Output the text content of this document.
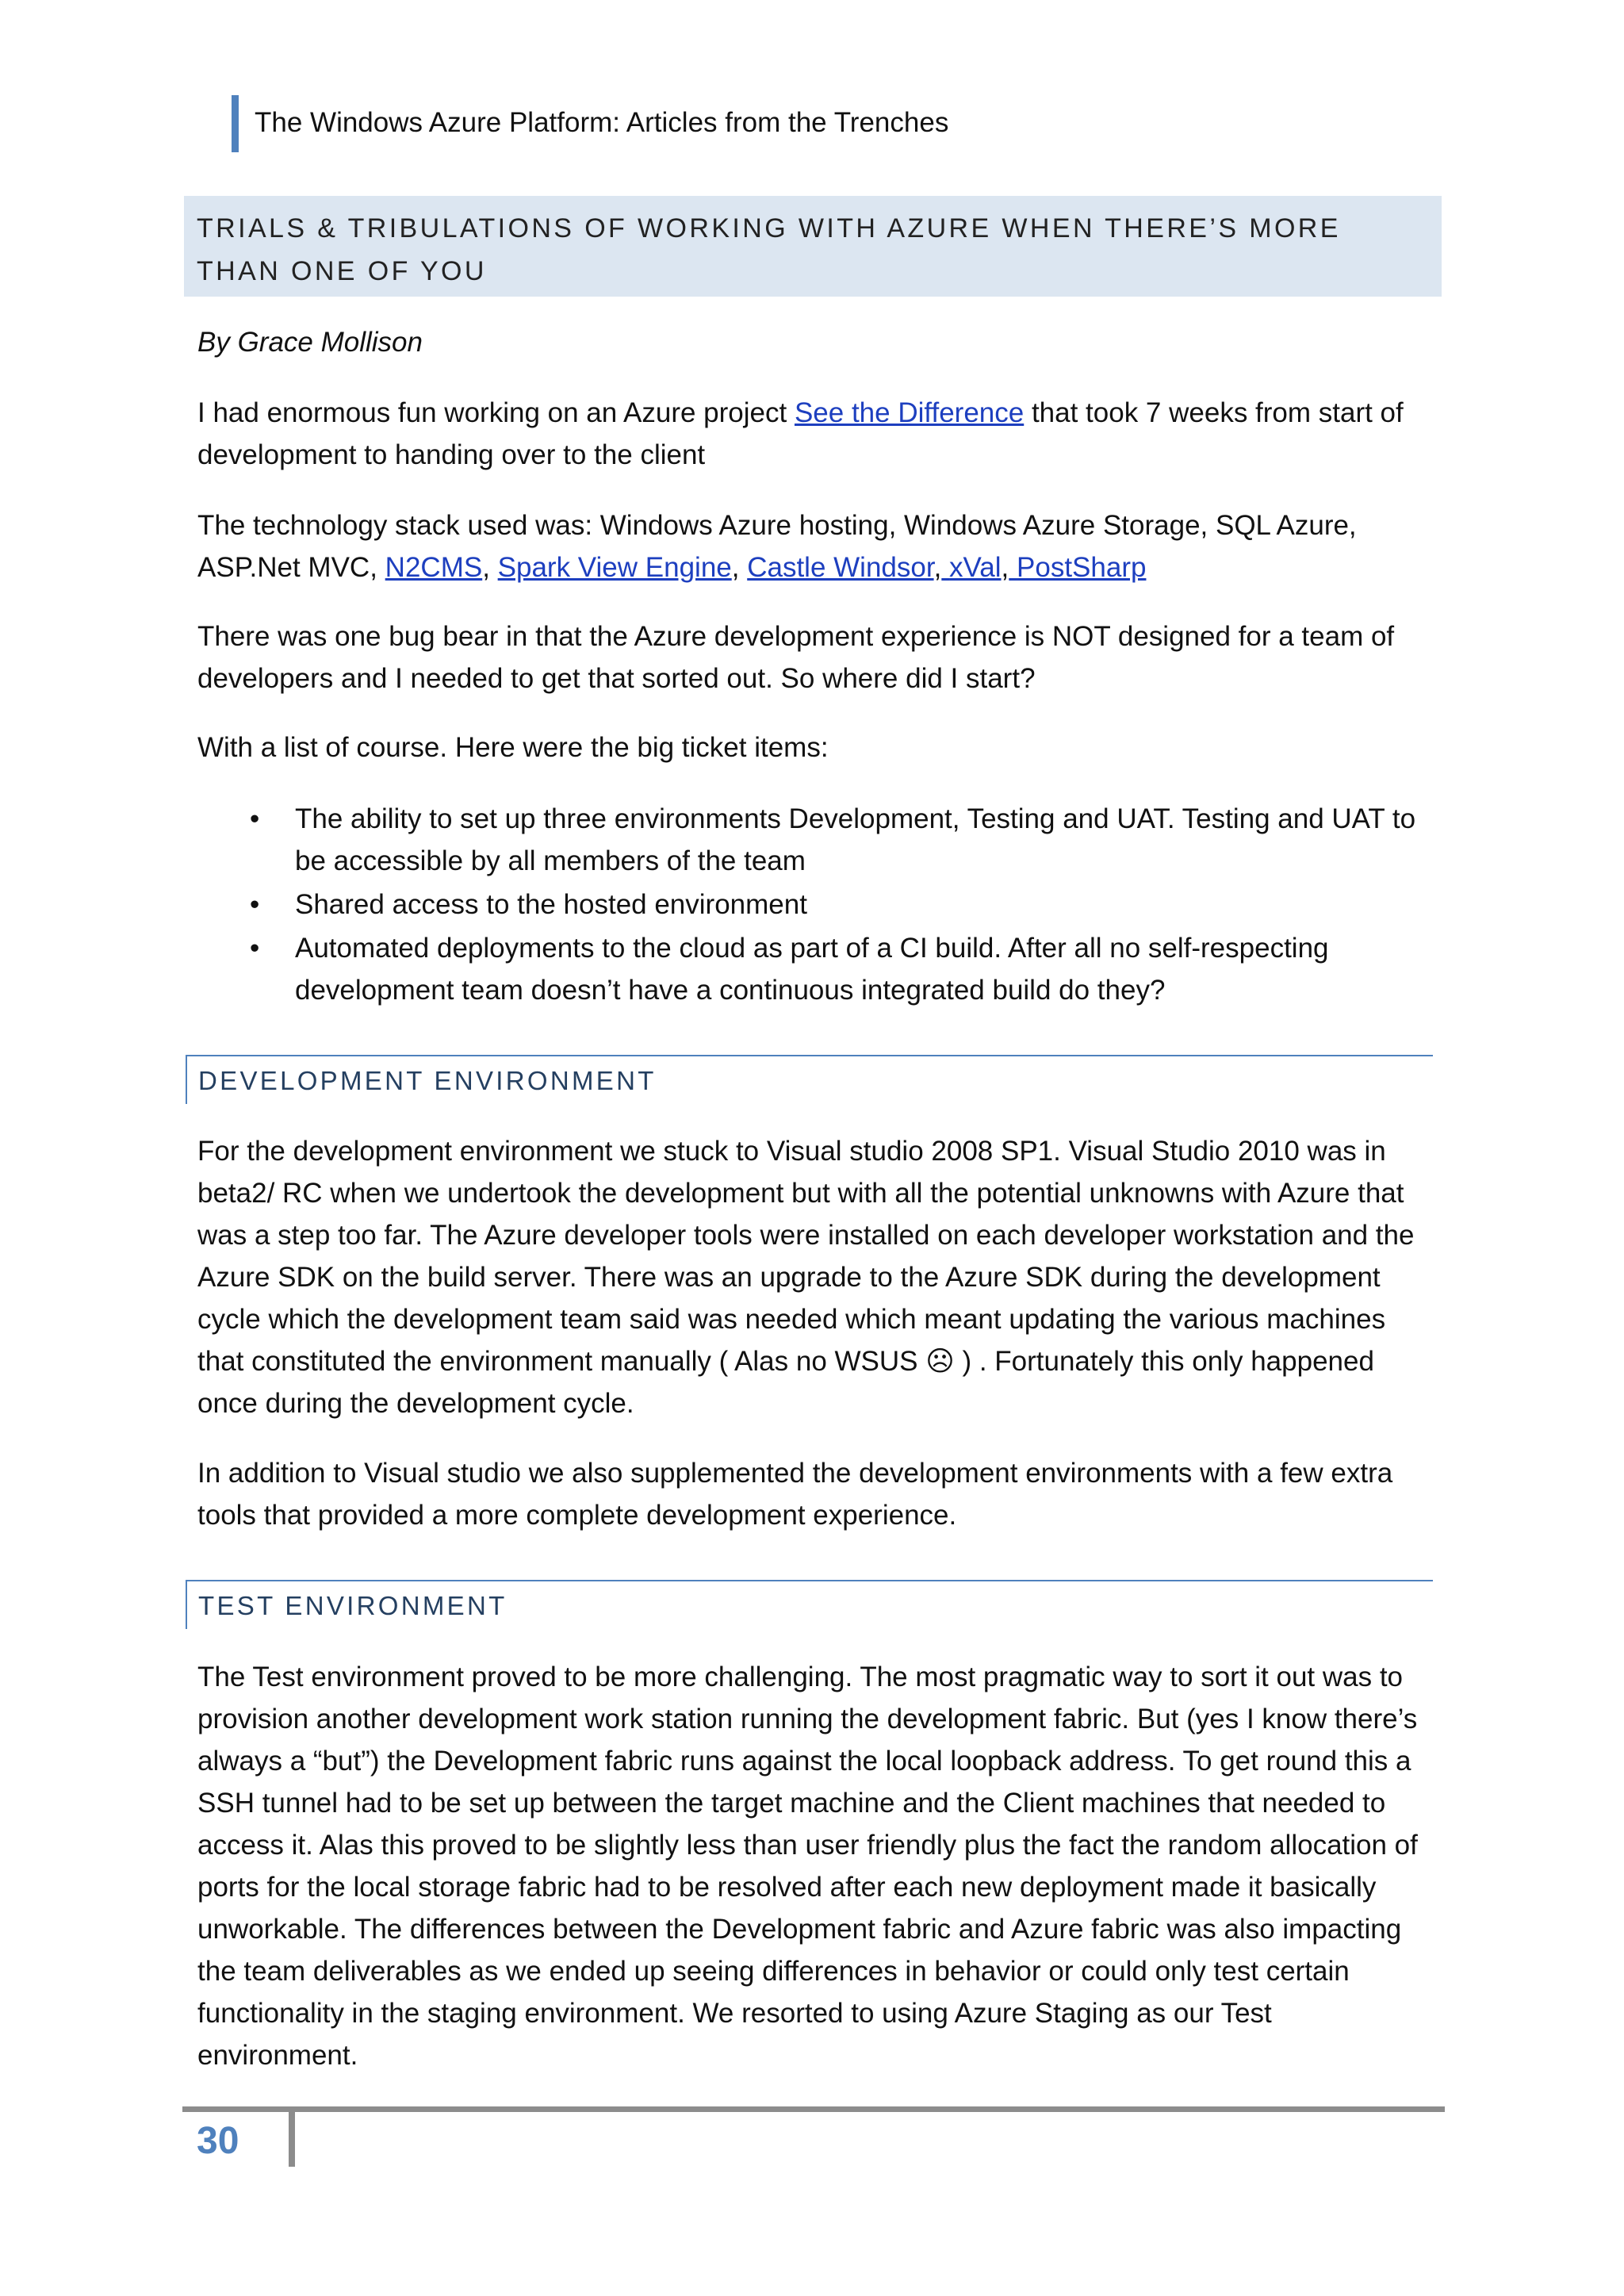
The Windows Azure Platform: Articles from the Trenches
TRIALS & TRIBULATIONS OF WORKING WITH AZURE WHEN THERE’S MORE THAN ONE OF YOU

By Grace Mollison

I had enormous fun working on an Azure project See the Difference that took 7 weeks from start of development to handing over to the client

The technology stack used was: Windows Azure hosting, Windows Azure Storage, SQL Azure, ASP.Net MVC, N2CMS, Spark View Engine, Castle Windsor, xVal, PostSharp

There was one bug bear in that the Azure development experience is NOT designed for a team of developers and I needed to get that sorted out. So where did I start?

With a list of course. Here were the big ticket items:

• The ability to set up three environments Development, Testing and UAT. Testing and UAT to be accessible by all members of the team
• Shared access to the hosted environment
• Automated deployments to the cloud as part of a CI build. After all no self-respecting development team doesn’t have a continuous integrated build do they?
DEVELOPMENT ENVIRONMENT

For the development environment we stuck to Visual studio 2008 SP1. Visual Studio 2010 was in beta2/ RC when we undertook the development but with all the potential unknowns with Azure that was a step too far. The Azure developer tools were installed on each developer workstation and the Azure SDK on the build server. There was an upgrade to the Azure SDK during the development cycle which the development team said was needed which meant updating the various machines that constituted the environment manually ( Alas no WSUS ☹ ) . Fortunately this only happened once during the development cycle.

In addition to Visual studio we also supplemented the development environments with a few extra tools that provided a more complete development experience.

TEST ENVIRONMENT

The Test environment proved to be more challenging. The most pragmatic way to sort it out was to provision another development work station running the development fabric. But (yes I know there’s always a “but”) the Development fabric runs against the local loopback address. To get round this a SSH tunnel had to be set up between the target machine and the Client machines that needed to access it. Alas this proved to be slightly less than user friendly plus the fact the random allocation of ports for the local storage fabric had to be resolved after each new deployment made it basically unworkable. The differences between the Development fabric and Azure fabric was also impacting the team deliverables as we ended up seeing differences in behavior or could only test certain functionality in the staging environment. We resorted to using Azure Staging as our Test environment.

30
